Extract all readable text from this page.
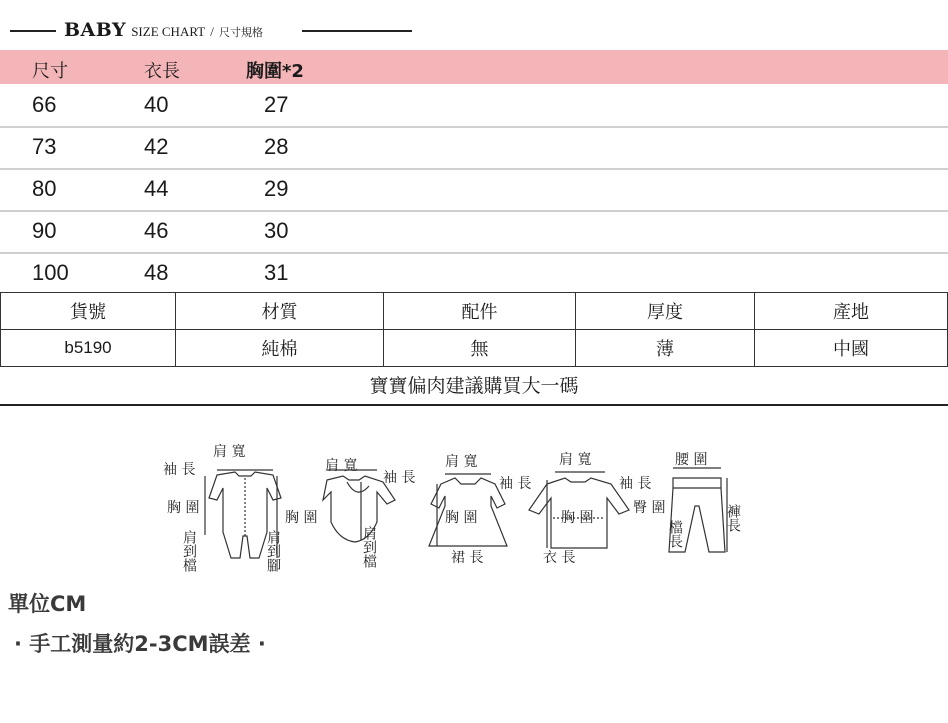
BABY SIZE CHART / 尺寸規格
尺寸	衣長	胸圍*2
66	40	27
73	42	28
80	44	29
90	46	30
100	48	31
貨號	材質	配件	厚度	產地
b5190	純棉	無	薄	中國
寶寶偏肉建議購買大一碼
肩 寬
袖 長
胸 圍
肩到檔	肩到腳
肩 寬
袖 長
胸 圍
肩到檔
肩 寬
袖 長
胸 圍
裙 長
肩 寬
袖 長
胸 圍
衣 長
腰 圍
臀 圍
檔長
褲長
單位CM
· 手工測量約2-3CM誤差 ·
